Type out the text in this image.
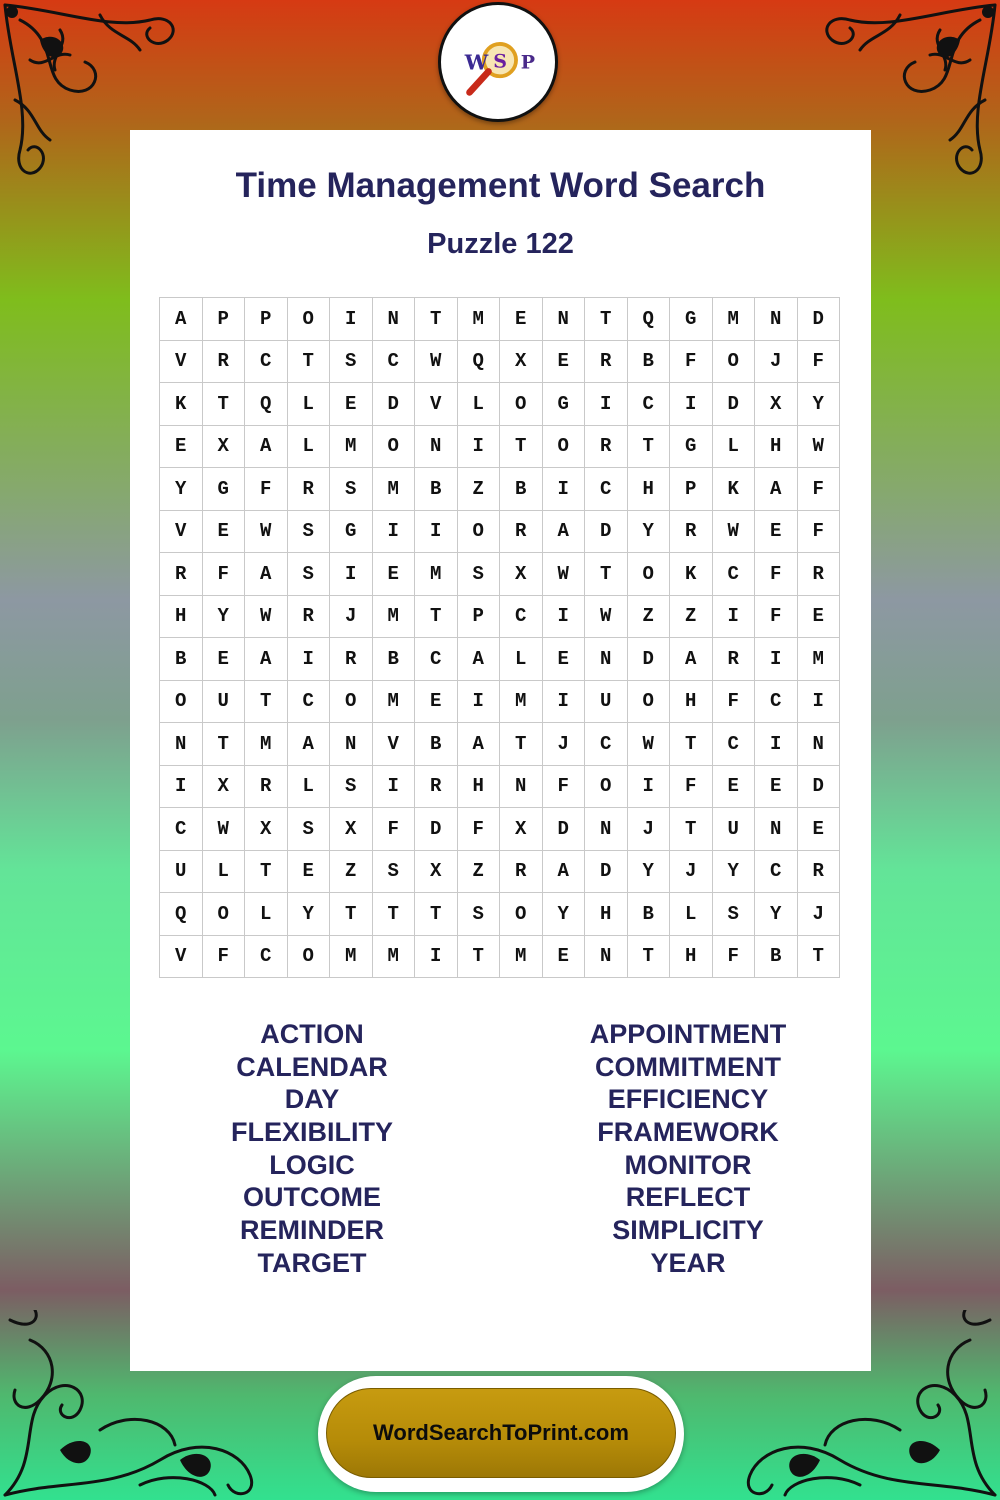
W S P
Time Management Word Search
Puzzle 122
A	P	P	O	I	N	T	M	E	N	T	Q	G	M	N	D
V	R	C	T	S	C	W	Q	X	E	R	B	F	O	J	F
K	T	Q	L	E	D	V	L	O	G	I	C	I	D	X	Y
E	X	A	L	M	O	N	I	T	O	R	T	G	L	H	W
Y	G	F	R	S	M	B	Z	B	I	C	H	P	K	A	F
V	E	W	S	G	I	I	O	R	A	D	Y	R	W	E	F
R	F	A	S	I	E	M	S	X	W	T	O	K	C	F	R
H	Y	W	R	J	M	T	P	C	I	W	Z	Z	I	F	E
B	E	A	I	R	B	C	A	L	E	N	D	A	R	I	M
O	U	T	C	O	M	E	I	M	I	U	O	H	F	C	I
N	T	M	A	N	V	B	A	T	J	C	W	T	C	I	N
I	X	R	L	S	I	R	H	N	F	O	I	F	E	E	D
C	W	X	S	X	F	D	F	X	D	N	J	T	U	N	E
U	L	T	E	Z	S	X	Z	R	A	D	Y	J	Y	C	R
Q	O	L	Y	T	T	T	S	O	Y	H	B	L	S	Y	J
V	F	C	O	M	M	I	T	M	E	N	T	H	F	B	T
ACTION
CALENDAR
DAY
FLEXIBILITY
LOGIC
OUTCOME
REMINDER
TARGET
APPOINTMENT
COMMITMENT
EFFICIENCY
FRAMEWORK
MONITOR
REFLECT
SIMPLICITY
YEAR
WordSearchToPrint.com
